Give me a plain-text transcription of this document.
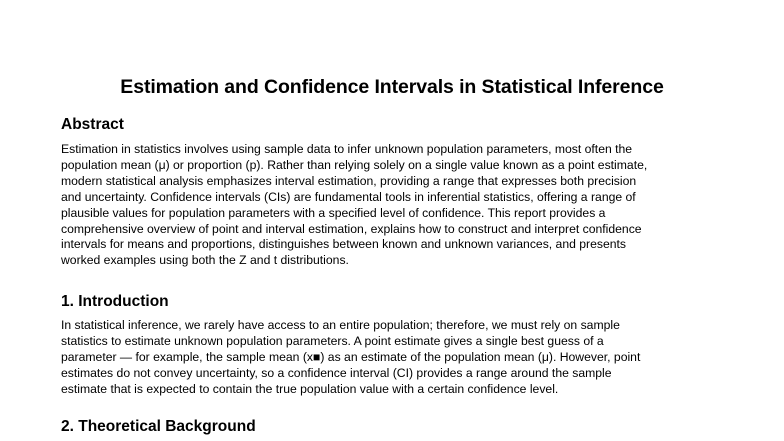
Estimation and Confidence Intervals in Statistical Inference
Abstract
Estimation in statistics involves using sample data to infer unknown population parameters, most often the
population mean (μ) or proportion (p). Rather than relying solely on a single value known as a point estimate,
modern statistical analysis emphasizes interval estimation, providing a range that expresses both precision
and uncertainty. Confidence intervals (CIs) are fundamental tools in inferential statistics, offering a range of
plausible values for population parameters with a specified level of confidence. This report provides a
comprehensive overview of point and interval estimation, explains how to construct and interpret confidence
intervals for means and proportions, distinguishes between known and unknown variances, and presents
worked examples using both the Z and t distributions.
1. Introduction
In statistical inference, we rarely have access to an entire population; therefore, we must rely on sample
statistics to estimate unknown population parameters. A point estimate gives a single best guess of a
parameter — for example, the sample mean (x■) as an estimate of the population mean (μ). However, point
estimates do not convey uncertainty, so a confidence interval (CI) provides a range around the sample
estimate that is expected to contain the true population value with a certain confidence level.
2. Theoretical Background
